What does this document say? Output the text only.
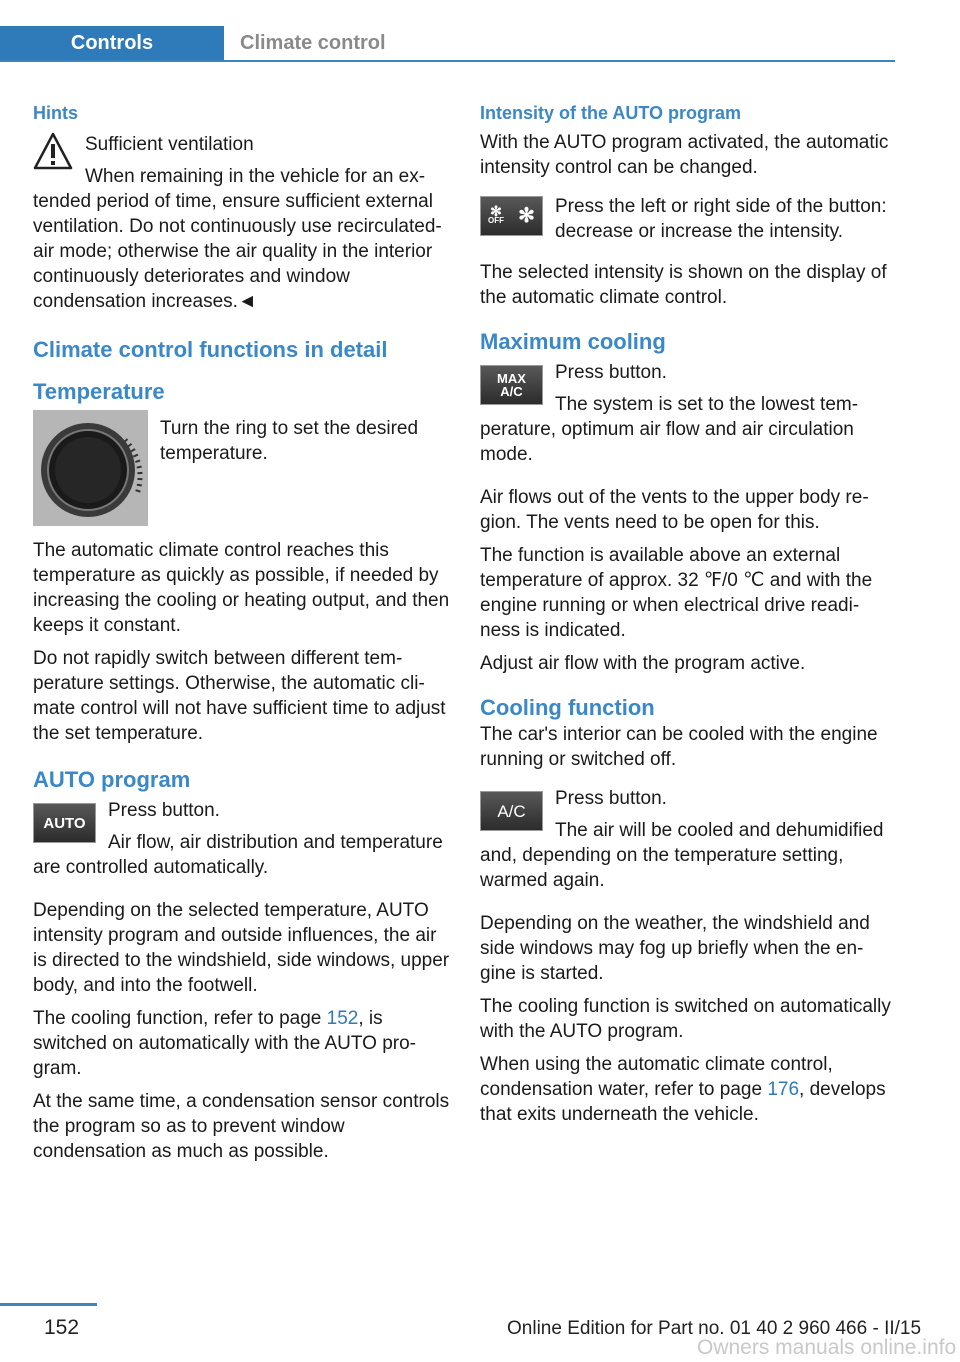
Controls	Climate control
Hints

Sufficient ventilation

When remaining in the vehicle for an extended period of time, ensure sufficient external ventilation. Do not continuously use recirculated-air mode; otherwise the air quality in the interior continuously deteriorates and window condensation increases.◄

Climate control functions in detail
Temperature

Turn the ring to set the desired temperature.

The automatic climate control reaches this temperature as quickly as possible, if needed by increasing the cooling or heating output, and then keeps it constant.

Do not rapidly switch between different temperature settings. Otherwise, the automatic climate control will not have sufficient time to adjust the set temperature.

AUTO program
AUTO

Press button.

Air flow, air distribution and temperature are controlled automatically.

Depending on the selected temperature, AUTO intensity program and outside influences, the air is directed to the windshield, side windows, upper body, and into the footwell.

The cooling function, refer to page 152, is switched on automatically with the AUTO program.

At the same time, a condensation sensor controls the program so as to prevent window condensation as much as possible.

Intensity of the AUTO program

With the AUTO program activated, the automatic intensity control can be changed.

✻
OFF ✻	Press the left or right side of the button: decrease or increase the intensity.

The selected intensity is shown on the display of the automatic climate control.

Maximum cooling
MAX
A/C

Press button.

The system is set to the lowest temperature, optimum air flow and air circulation mode.

Air flows out of the vents to the upper body region. The vents need to be open for this.

The function is available above an external temperature of approx. 32 ℉/0 ℃ and with the engine running or when electrical drive readiness is indicated.

Adjust air flow with the program active.

Cooling function

The car's interior can be cooled with the engine running or switched off.

A/C

Press button.

The air will be cooled and dehumidified and, depending on the temperature setting, warmed again.

Depending on the weather, the windshield and side windows may fog up briefly when the engine is started.

The cooling function is switched on automatically with the AUTO program.

When using the automatic climate control, condensation water, refer to page 176, develops that exits underneath the vehicle.

152	Online Edition for Part no. 01 40 2 960 466 - II/15
Owners manuals online.info
